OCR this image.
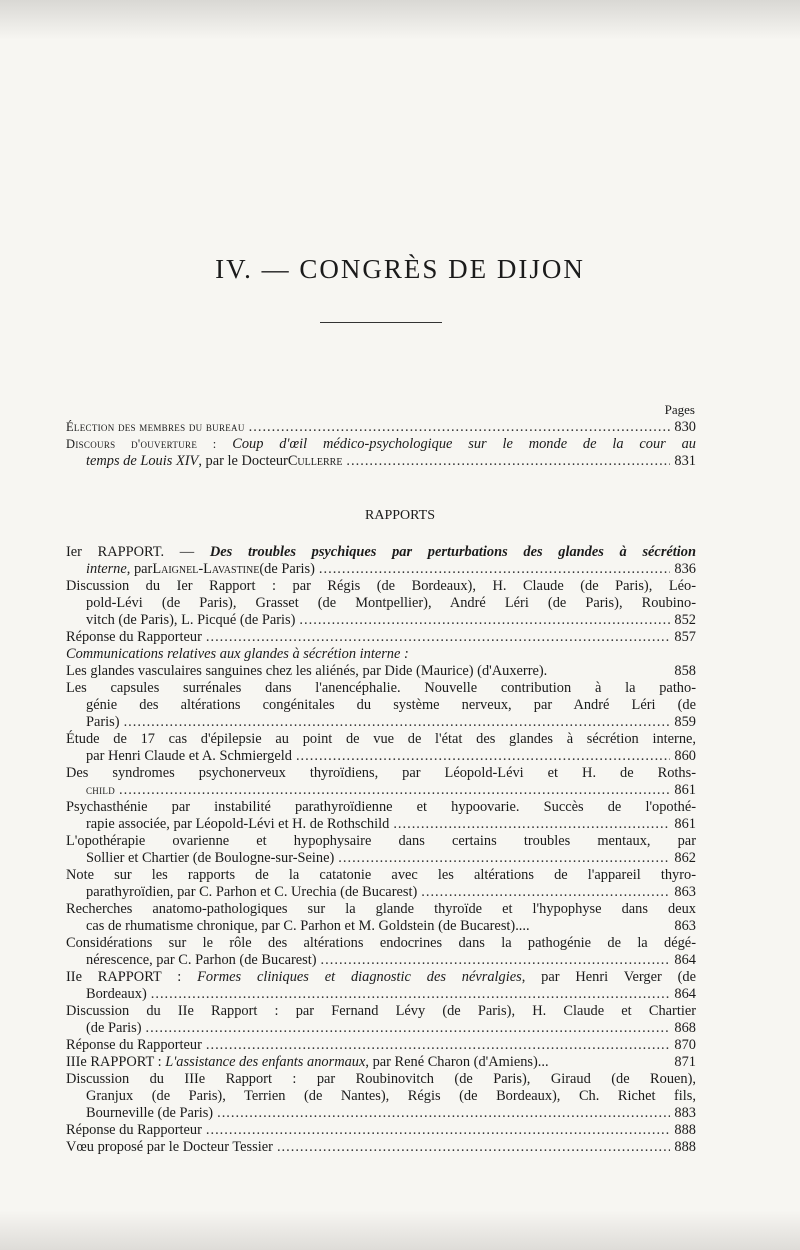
IV. — CONGRÈS DE DIJON
Pages
Élection des membres du bureau .....	830
Discours d'ouverture : Coup d'œil médico-psychologique sur le monde de la cour au
temps de Louis XIV , par le Docteur Cullerre .....	831
RAPPORTS
Ier RAPPORT. — Des troubles psychiques par perturbations des glandes à sécrétion
interne , par Laignel-Lavastine (de Paris) .....	836
Discussion du Ier Rapport : par Régis (de Bordeaux), H. Claude (de Paris), Léo-
pold-Lévi (de Paris), Grasset (de Montpellier), André Léri (de Paris), Roubino-
vitch (de Paris), L. Picqué (de Paris) .....	852
Réponse du Rapporteur .....	857
Communications relatives aux glandes à sécrétion interne :
Les glandes vasculaires sanguines chez les aliénés, par Dide (Maurice) (d'Auxerre).	858
Les capsules surrénales dans l'anencéphalie. Nouvelle contribution à la patho-
génie des altérations congénitales du système nerveux, par André Léri (de
Paris) .....	859
Étude de 17 cas d'épilepsie au point de vue de l'état des glandes à sécrétion interne,
par Henri Claude et A. Schmiergeld .....	860
Des syndromes psychonerveux thyroïdiens, par Léopold-Lévi et H. de Roths-
child .....	861
Psychasthénie par instabilité parathyroïdienne et hypoovarie. Succès de l'opothé-
rapie associée, par Léopold-Lévi et H. de Rothschild .....	861
L'opothérapie ovarienne et hypophysaire dans certains troubles mentaux, par
Sollier et Chartier (de Boulogne-sur-Seine) .....	862
Note sur les rapports de la catatonie avec les altérations de l'appareil thyro-
parathyroïdien, par C. Parhon et C. Urechia (de Bucarest) .....	863
Recherches anatomo-pathologiques sur la glande thyroïde et l'hypophyse dans deux
cas de rhumatisme chronique, par C. Parhon et M. Goldstein (de Bucarest)....	863
Considérations sur le rôle des altérations endocrines dans la pathogénie de la dégé-
nérescence, par C. Parhon (de Bucarest) .....	864
IIe RAPPORT : Formes cliniques et diagnostic des névralgies, par Henri Verger (de
Bordeaux) .....	864
Discussion du IIe Rapport : par Fernand Lévy (de Paris), H. Claude et Chartier
(de Paris) .....	868
Réponse du Rapporteur .....	870
IIIe RAPPORT : L'assistance des enfants anormaux, par René Charon (d'Amiens)...	871
Discussion du IIIe Rapport : par Roubinovitch (de Paris), Giraud (de Rouen),
Granjux (de Paris), Terrien (de Nantes), Régis (de Bordeaux), Ch. Richet fils,
Bourneville (de Paris) .....	883
Réponse du Rapporteur .....	888
Vœu proposé par le Docteur Tessier .....	888
